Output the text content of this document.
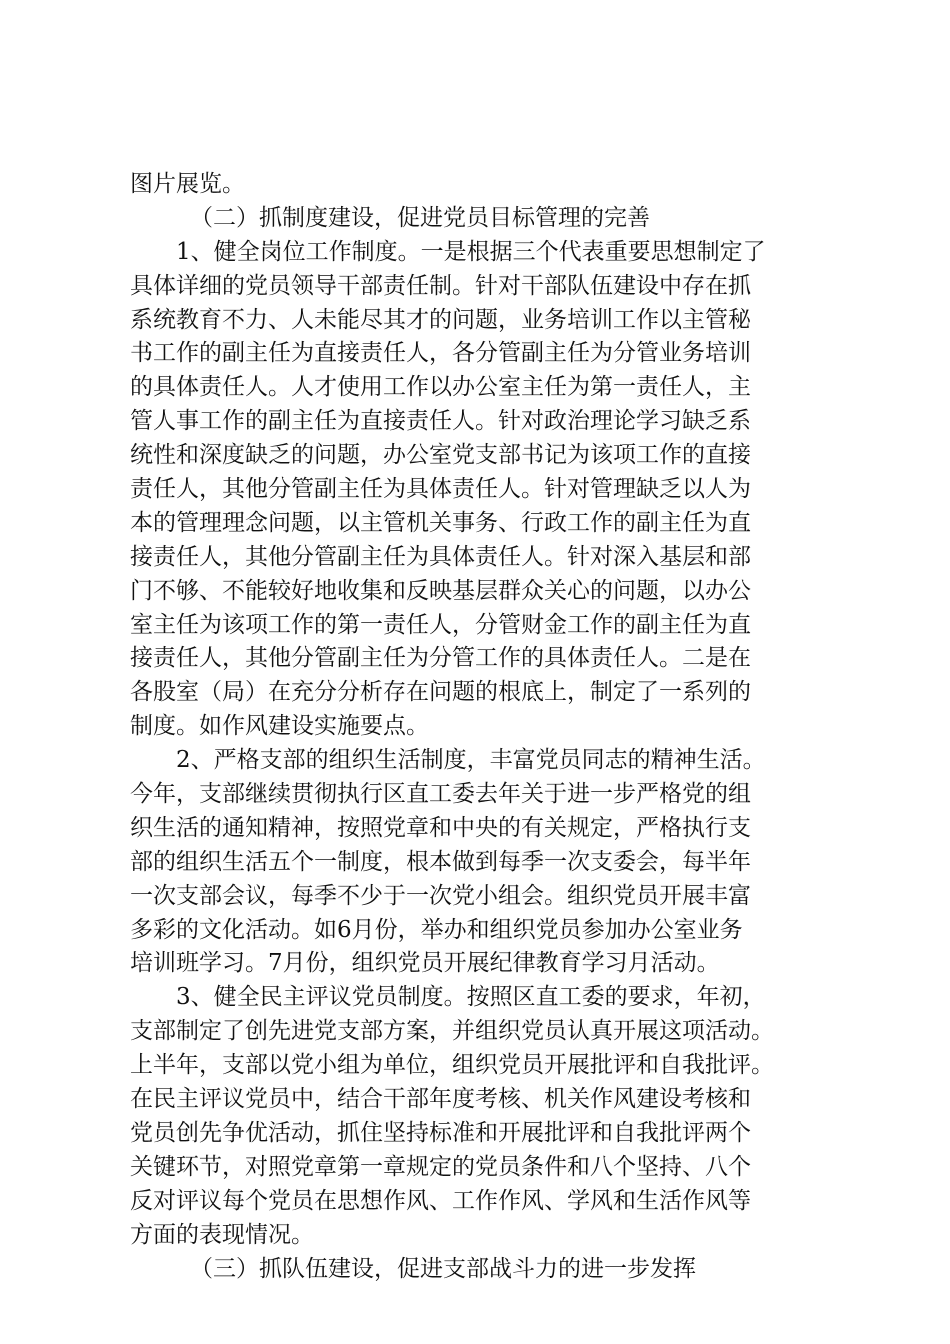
图片展览。
（二）抓制度建设，促进党员目标管理的完善
1、健全岗位工作制度。一是根据三个代表重要思想制定了
具体详细的党员领导干部责任制。针对干部队伍建设中存在抓
系统教育不力、人未能尽其才的问题，业务培训工作以主管秘
书工作的副主任为直接责任人，各分管副主任为分管业务培训
的具体责任人。人才使用工作以办公室主任为第一责任人，主
管人事工作的副主任为直接责任人。针对政治理论学习缺乏系
统性和深度缺乏的问题，办公室党支部书记为该项工作的直接
责任人，其他分管副主任为具体责任人。针对管理缺乏以人为
本的管理理念问题，以主管机关事务、行政工作的副主任为直
接责任人，其他分管副主任为具体责任人。针对深入基层和部
门不够、不能较好地收集和反映基层群众关心的问题，以办公
室主任为该项工作的第一责任人，分管财金工作的副主任为直
接责任人，其他分管副主任为分管工作的具体责任人。二是在
各股室（局）在充分分析存在问题的根底上，制定了一系列的
制度。如作风建设实施要点。
2、严格支部的组织生活制度，丰富党员同志的精神生活。
今年，支部继续贯彻执行区直工委去年关于进一步严格党的组
织生活的通知精神，按照党章和中央的有关规定，严格执行支
部的组织生活五个一制度，根本做到每季一次支委会，每半年
一次支部会议，每季不少于一次党小组会。组织党员开展丰富
多彩的文化活动。如6月份，举办和组织党员参加办公室业务
培训班学习。7月份，组织党员开展纪律教育学习月活动。
3、健全民主评议党员制度。按照区直工委的要求，年初，
支部制定了创先进党支部方案，并组织党员认真开展这项活动。
上半年，支部以党小组为单位，组织党员开展批评和自我批评。
在民主评议党员中，结合干部年度考核、机关作风建设考核和
党员创先争优活动，抓住坚持标准和开展批评和自我批评两个
关键环节，对照党章第一章规定的党员条件和八个坚持、八个
反对评议每个党员在思想作风、工作作风、学风和生活作风等
方面的表现情况。
（三）抓队伍建设，促进支部战斗力的进一步发挥
